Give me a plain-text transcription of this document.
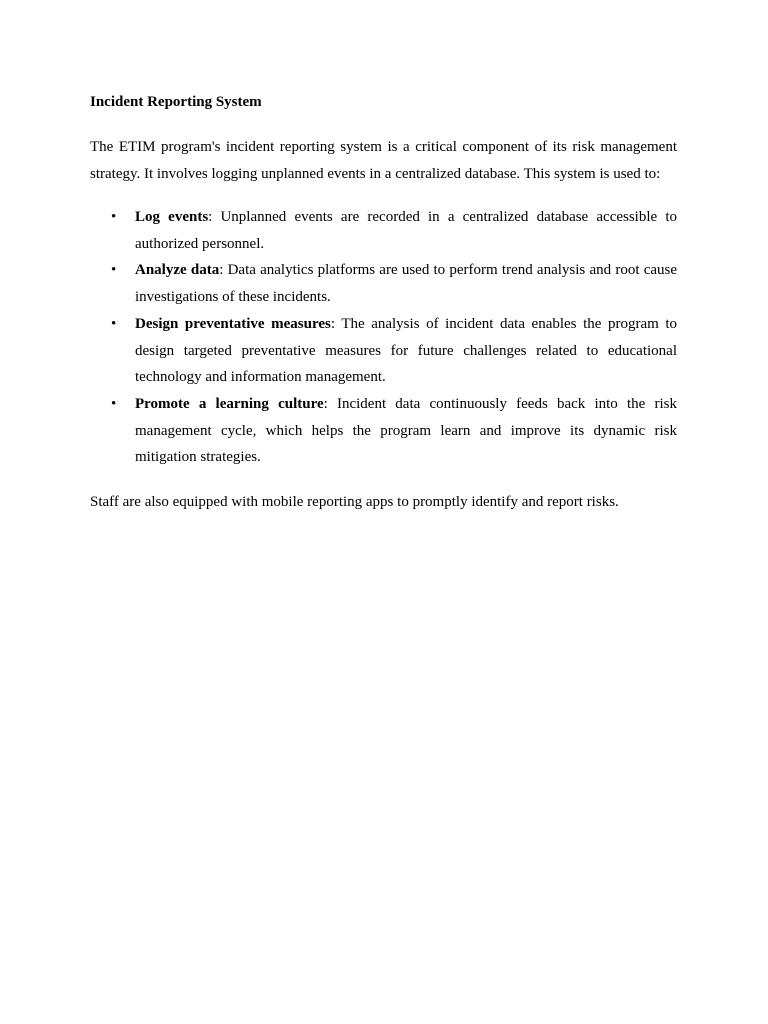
Incident Reporting System

The ETIM program's incident reporting system is a critical component of its risk management strategy. It involves logging unplanned events in a centralized database. This system is used to:

• Log events: Unplanned events are recorded in a centralized database accessible to authorized personnel.
• Analyze data: Data analytics platforms are used to perform trend analysis and root cause investigations of these incidents.
• Design preventative measures: The analysis of incident data enables the program to design targeted preventative measures for future challenges related to educational technology and information management.
• Promote a learning culture: Incident data continuously feeds back into the risk management cycle, which helps the program learn and improve its dynamic risk mitigation strategies.

Staff are also equipped with mobile reporting apps to promptly identify and report risks.
